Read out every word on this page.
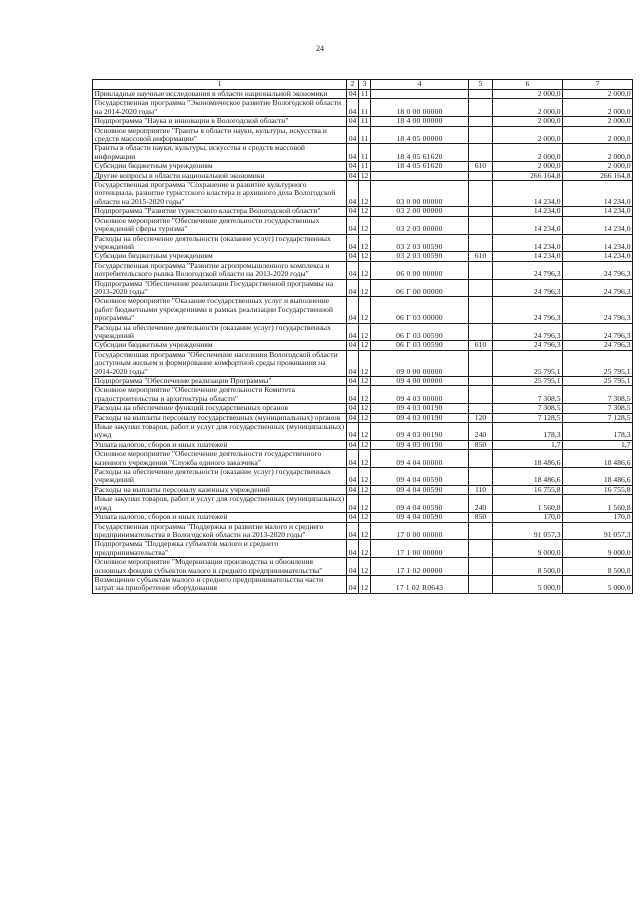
24
1	2	3	4	5	6	7
Прикладные научные исследования в области национальной экономики	04	11			2 000,0	2 000,0
Государственная программа "Экономическое развитие Вологодской области на 2014-2020 годы"	04	11	18 0 00 00000		2 000,0	2 000,0
Подпрограмма "Наука и инновации в Вологодской области"	04	11	18 4 00 00000		2 000,0	2 000,0
Основное мероприятие "Гранты в области науки, культуры, искусства и средств массовой информации"	04	11	18 4 05 00000		2 000,0	2 000,0
Гранты в области науки, культуры, искусства и средств массовой информации	04	11	18 4 05 61620		2 000,0	2 000,0
Субсидии бюджетным учреждениям	04	11	18 4 05 61620	610	2 000,0	2 000,0
Другие вопросы в области национальной экономики	04	12			266 164,8	266 164,8
Государственная программа "Сохранение и развитие культурного потенциала, развитие туристского кластера и архивного дела Вологодской области на 2015-2020 годы"	04	12	03 0 00 00000		14 234,0	14 234,0
Подпрограмма "Развитие туристского кластера Вологодской области"	04	12	03 2 00 00000		14 234,0	14 234,0
Основное мероприятие "Обеспечение деятельности государственных учреждений сферы туризма"	04	12	03 2 03 00000		14 234,0	14 234,0
Расходы на обеспечение деятельности (оказание услуг) государственных учреждений	04	12	03 2 03 00590		14 234,0	14 234,0
Субсидии бюджетным учреждениям	04	12	03 2 03 00590	610	14 234,0	14 234,0
Государственная программа "Развитие агропромышленного комплекса и потребительского рынка Вологодской области на 2013-2020 годы"	04	12	06 0 00 00000		24 796,3	24 796,3
Подпрограмма "Обеспечение реализации Государственной программы на 2013-2020 годы"	04	12	06 Г 00 00000		24 796,3	24 796,3
Основное мероприятие "Оказание государственных услуг и выполнение работ бюджетными учреждениями в рамках реализации Государственной программы"	04	12	06 Г 03 00000		24 796,3	24 796,3
Расходы на обеспечение деятельности (оказание услуг) государственных учреждений	04	12	06 Г 03 00590		24 796,3	24 796,3
Субсидии бюджетным учреждениям	04	12	06 Г 03 00590	610	24 796,3	24 796,3
Государственная программа "Обеспечение населения Вологодской области доступным жильем и формирование комфортной среды проживания на 2014-2020 годы"	04	12	09 0 00 00000		25 795,1	25 795,1
Подпрограмма "Обеспечение реализации Программы"	04	12	09 4 00 00000		25 795,1	25 795,1
Основное мероприятие "Обеспечение деятельности Комитета градостроительства и архитектуры области"	04	12	09 4 03 00000		7 308,5	7 308,5
Расходы на обеспечение функций государственных органов	04	12	09 4 03 00190		7 308,5	7 308,5
Расходы на выплаты персоналу государственных (муниципальных) органов	04	12	09 4 03 00190	120	7 128,5	7 128,5
Иные закупки товаров, работ и услуг для государственных (муниципальных) нужд	04	12	09 4 03 00190	240	178,3	178,3
Уплата налогов, сборов и иных платежей	04	12	09 4 03 00190	850	1,7	1,7
Основное мероприятие "Обеспечение деятельности государственного казенного учреждения "Служба единого заказчика"	04	12	09 4 04 00000		18 486,6	18 486,6
Расходы на обеспечение деятельности (оказание услуг) государственных учреждений	04	12	09 4 04 00590		18 486,6	18 486,6
Расходы на выплаты персоналу казенных учреждений	04	12	09 4 04 00590	110	16 755,8	16 755,8
Иные закупки товаров, работ и услуг для государственных (муниципальных) нужд	04	12	09 4 04 00590	240	1 560,8	1 560,8
Уплата налогов, сборов и иных платежей	04	12	09 4 04 00590	850	170,0	170,0
Государственная программа "Поддержка и развитие малого и среднего предпринимательства в Вологодской области на 2013-2020 годы"	04	12	17 0 00 00000		91 057,3	91 057,3
Подпрограмма "Поддержка субъектов малого и среднего предпринимательства"	04	12	17 1 00 00000		9 000,0	9 000,0
Основное мероприятие "Модернизация производства и обновления основных фондов субъектов малого и среднего предпринимательства"	04	12	17 1 02 00000		8 500,0	8 500,0
Возмещение субъектам малого и среднего предпринимательства части затрат на приобретение оборудования	04	12	17 1 02 R0643		5 000,0	5 000,0
